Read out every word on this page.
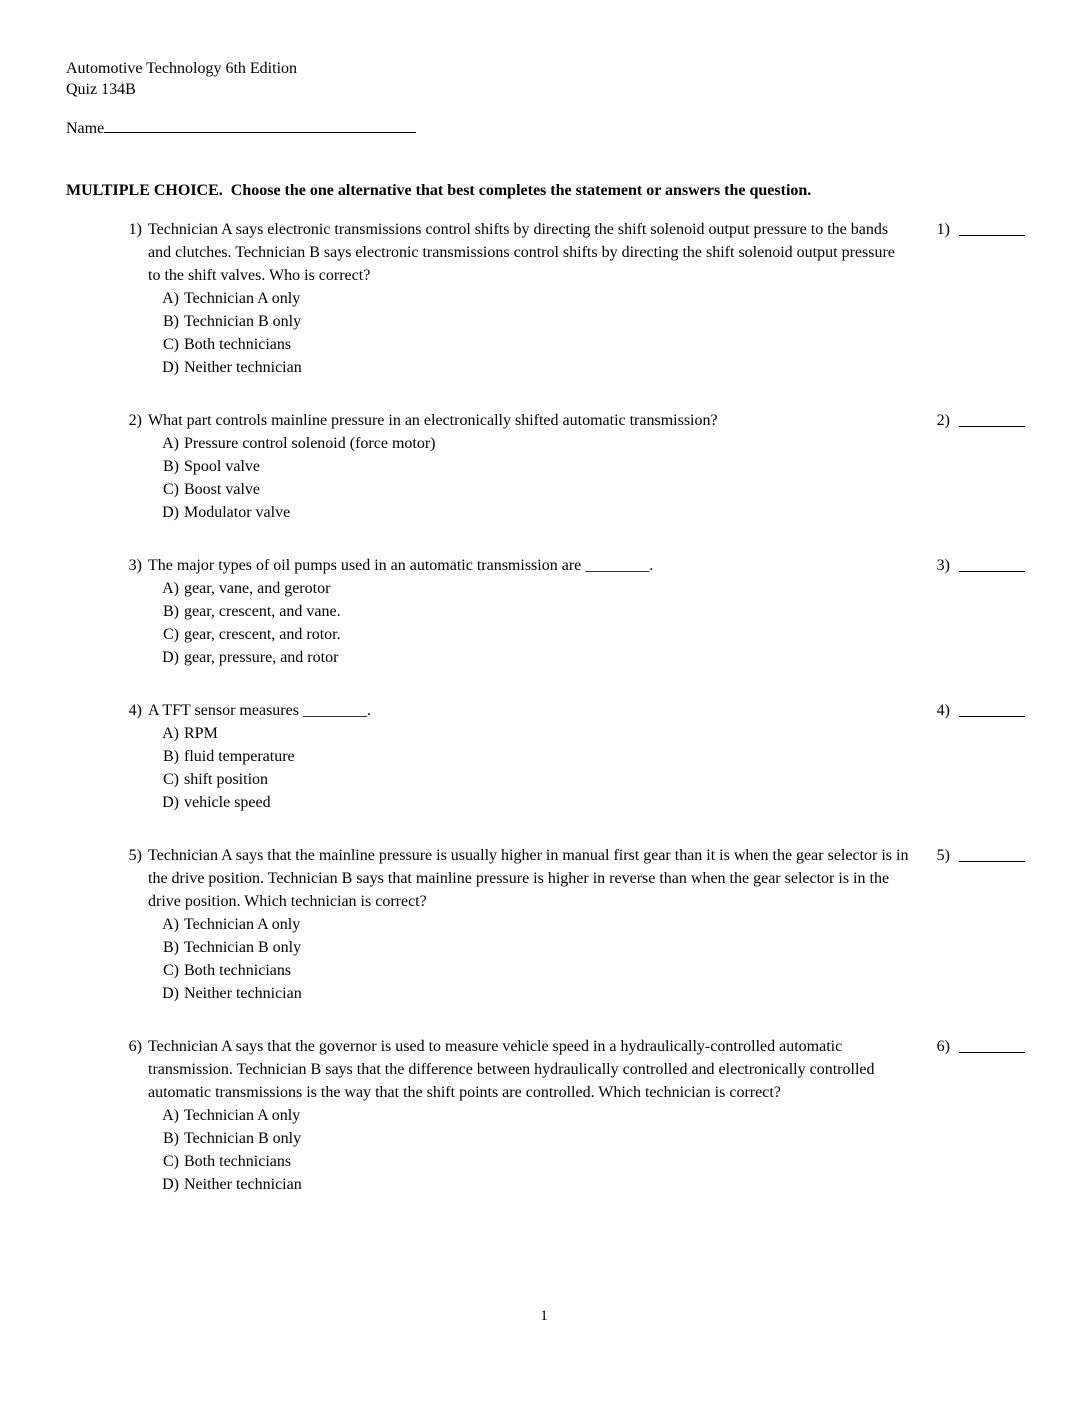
Automotive Technology 6th Edition
Quiz 134B
Name
MULTIPLE CHOICE.  Choose the one alternative that best completes the statement or answers the question.
1) Technician A says electronic transmissions control shifts by directing the shift solenoid output pressure to the bands and clutches. Technician B says electronic transmissions control shifts by directing the shift solenoid output pressure to the shift valves. Who is correct?
A) Technician A only
B) Technician B only
C) Both technicians
D) Neither technician
1)
2) What part controls mainline pressure in an electronically shifted automatic transmission?
A) Pressure control solenoid (force motor)
B) Spool valve
C) Boost valve
D) Modulator valve
2)
3) The major types of oil pumps used in an automatic transmission are ________.
A) gear, vane, and gerotor
B) gear, crescent, and vane.
C) gear, crescent, and rotor.
D) gear, pressure, and rotor
3)
4) A TFT sensor measures ________.
A) RPM
B) fluid temperature
C) shift position
D) vehicle speed
4)
5) Technician A says that the mainline pressure is usually higher in manual first gear than it is when the gear selector is in the drive position. Technician B says that mainline pressure is higher in reverse than when the gear selector is in the drive position. Which technician is correct?
A) Technician A only
B) Technician B only
C) Both technicians
D) Neither technician
5)
6) Technician A says that the governor is used to measure vehicle speed in a hydraulically-controlled automatic transmission. Technician B says that the difference between hydraulically controlled and electronically controlled automatic transmissions is the way that the shift points are controlled. Which technician is correct?
A) Technician A only
B) Technician B only
C) Both technicians
D) Neither technician
6)
1
